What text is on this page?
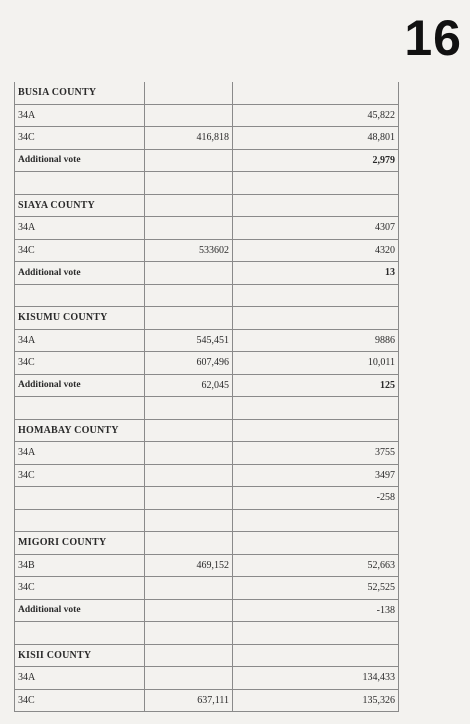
16
BUSIA COUNTY		
34A		45,822
34C	416,818	48,801
Additional vote		2,979

SIAYA COUNTY		
34A		4307
34C	533602	4320
Additional vote		13

KISUMU COUNTY		
34A	545,451	9886
34C	607,496	10,011
Additional vote	62,045	125

HOMABAY COUNTY		
34A		3755
34C		3497
		-258

MIGORI COUNTY		
34B	469,152	52,663
34C		52,525
Additional vote		-138

KISII COUNTY		
34A		134,433
34C	637,111	135,326
